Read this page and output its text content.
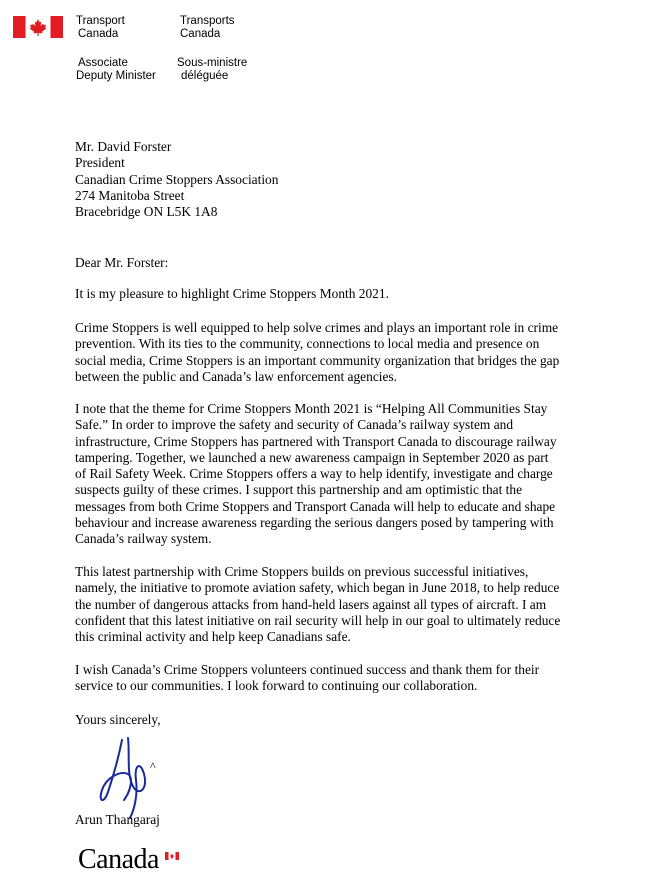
Transport
Canada
Transports
Canada
Associate
Deputy Minister
Sous-ministre
déléguée
Mr. David Forster
President
Canadian Crime Stoppers Association
274 Manitoba Street
Bracebridge ON L5K 1A8
Dear Mr. Forster:

It is my pleasure to highlight Crime Stoppers Month 2021.

Crime Stoppers is well equipped to help solve crimes and plays an important role in crime
prevention. With its ties to the community, connections to local media and presence on
social media, Crime Stoppers is an important community organization that bridges the gap
between the public and Canada’s law enforcement agencies.

I note that the theme for Crime Stoppers Month 2021 is “Helping All Communities Stay
Safe.” In order to improve the safety and security of Canada’s railway system and
infrastructure, Crime Stoppers has partnered with Transport Canada to discourage railway
tampering. Together, we launched a new awareness campaign in September 2020 as part
of Rail Safety Week. Crime Stoppers offers a way to help identify, investigate and charge
suspects guilty of these crimes. I support this partnership and am optimistic that the
messages from both Crime Stoppers and Transport Canada will help to educate and shape
behaviour and increase awareness regarding the serious dangers posed by tampering with
Canada’s railway system.

This latest partnership with Crime Stoppers builds on previous successful initiatives,
namely, the initiative to promote aviation safety, which began in June 2018, to help reduce
the number of dangerous attacks from hand-held lasers against all types of aircraft. I am
confident that this latest initiative on rail security will help in our goal to ultimately reduce
this criminal activity and help keep Canadians safe.

I wish Canada’s Crime Stoppers volunteers continued success and thank them for their
service to our communities. I look forward to continuing our collaboration.

Yours sincerely,
^
Arun Thangaraj
Canada
